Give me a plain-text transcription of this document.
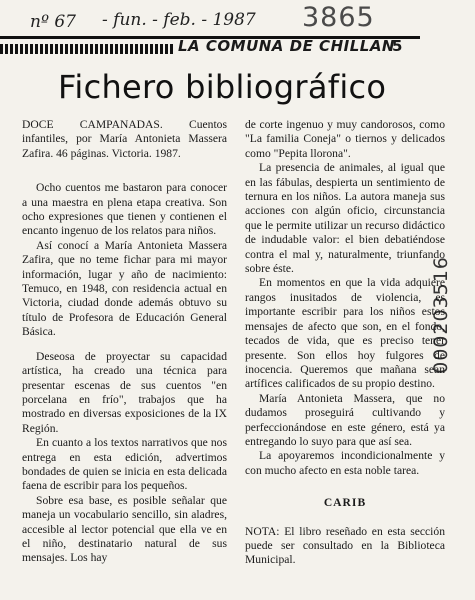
nº 67 - fun. - feb. - 1987 3865
000203516
LA COMUNA DE CHILLAN
5
Fichero bibliográfico

DOCE CAMPANADAS. Cuentos infantiles, por María Antonieta Massera Zafira. 46 páginas. Victoria. 1987.

Ocho cuentos me bastaron para conocer a una maestra en plena etapa creativa. Son ocho expresiones que tienen y contienen el encanto ingenuo de los relatos para niños.

Así conocí a María Antonieta Massera Zafira, que no teme fichar para mi mayor información, lugar y año de nacimiento: Temuco, en 1948, con residencia actual en Victoria, ciudad donde además obtuvo su título de Profesora de Educación General Básica.

Deseosa de proyectar su capacidad artística, ha creado una técnica para presentar escenas de sus cuentos "en porcelana en frío", trabajos que ha mostrado en diversas exposiciones de la IX Región.

En cuanto a los textos narrativos que nos entrega en esta edición, advertimos bondades de quien se inicia en esta delicada faena de escribir para los pequeños.

Sobre esa base, es posible señalar que maneja un vocabulario sencillo, sin aladres, accesible al lector potencial que ella ve en el niño, destinatario natural de sus mensajes. Los hay

de corte ingenuo y muy candorosos, como "La familia Coneja" o tiernos y delicados como "Pepita llorona".

La presencia de animales, al igual que en las fábulas, despierta un sentimiento de ternura en los niños. La autora maneja sus acciones con algún oficio, circunstancia que le permite utilizar un recurso didáctico de indudable valor: el bien debatiéndose contra el mal y, naturalmente, triunfando sobre éste.

En momentos en que la vida adquiere rangos inusitados de violencia, es importante escribir para los niños estos mensajes de afecto que son, en el fondo, tecados de vida, que es preciso tener presente. Son ellos hoy fulgores de inocencia. Queremos que mañana sean artífices calificados de su propio destino.

María Antonieta Massera, que no dudamos proseguirá cultivando y perfeccionándose en este género, está ya entregando lo suyo para que así sea.

La apoyaremos incondicionalmente y con mucho afecto en esta noble tarea.

CARIB

NOTA: El libro reseñado en esta sección puede ser consultado en la Biblioteca Municipal.
